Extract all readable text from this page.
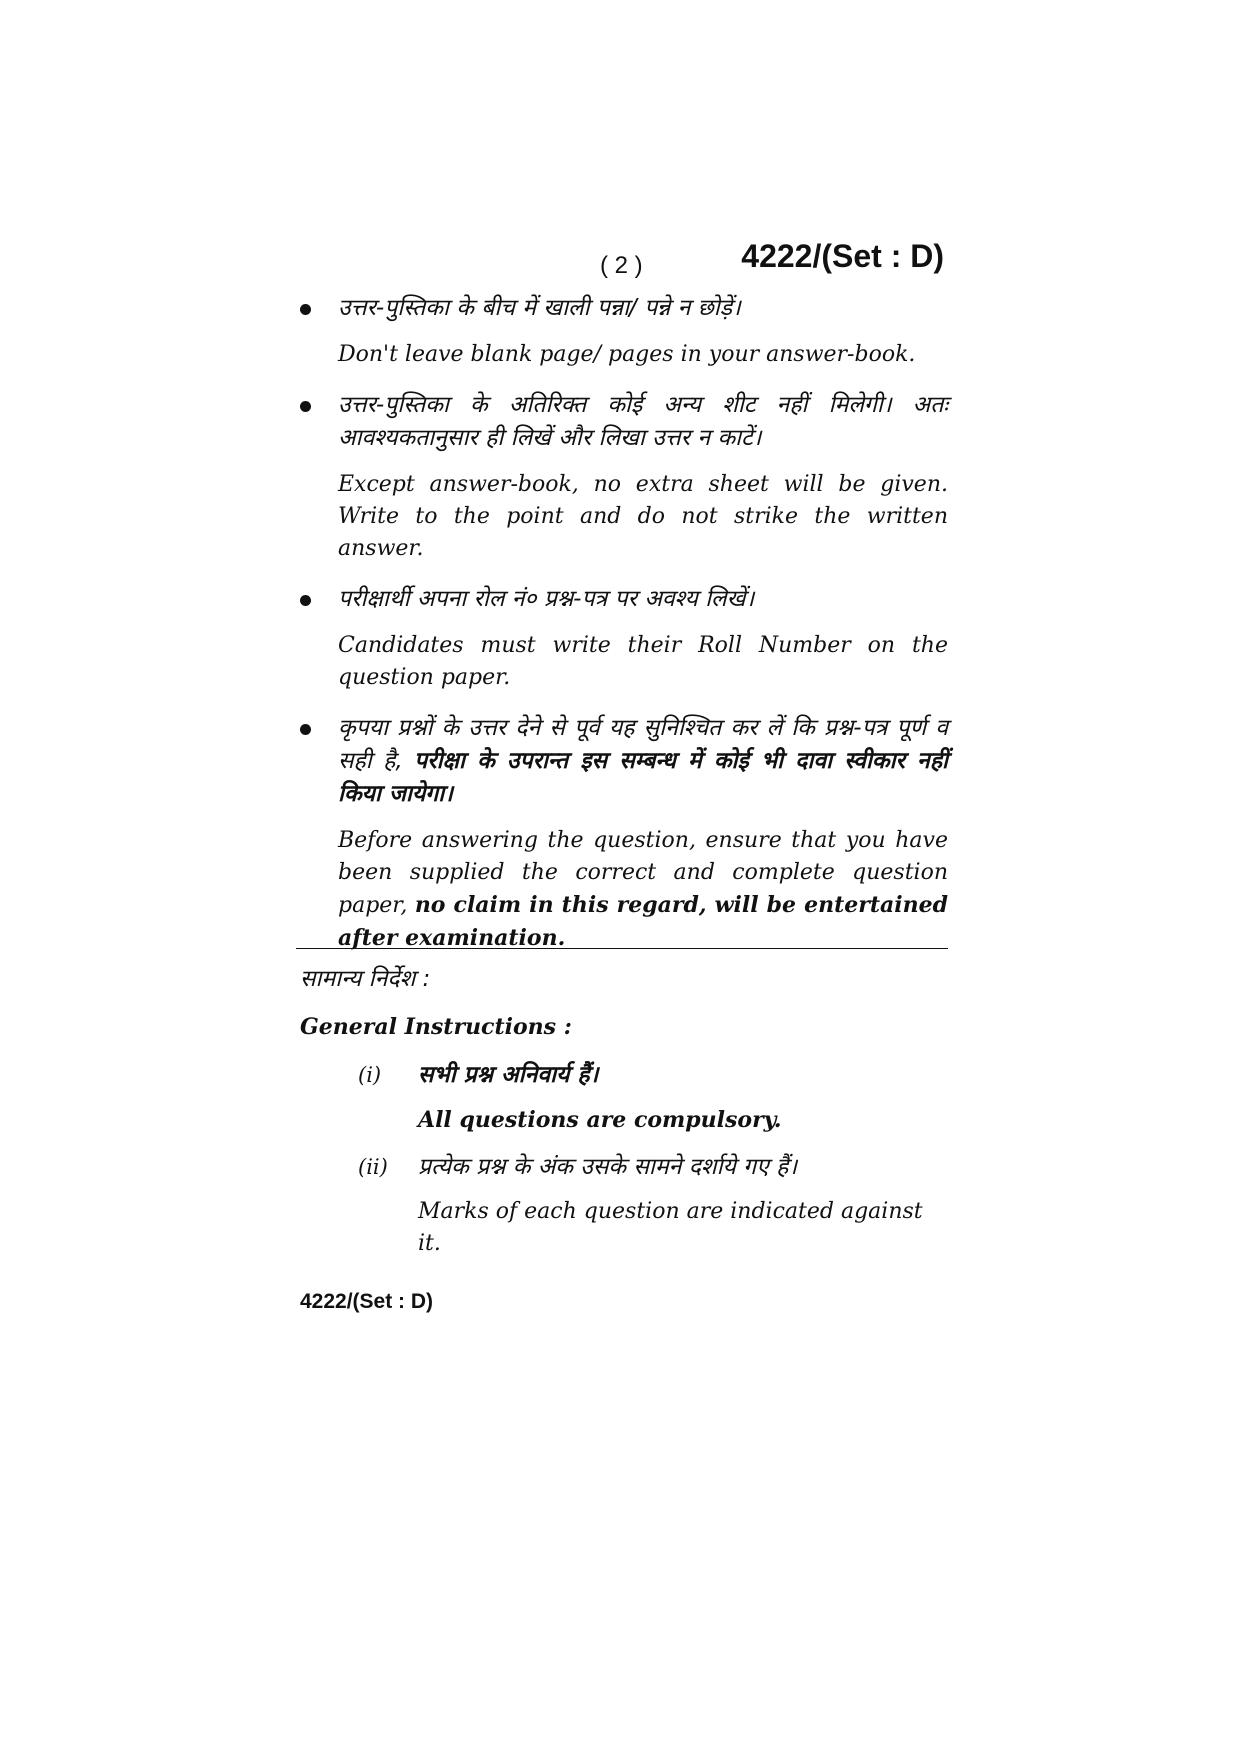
( 2 )	4222/(Set : D)

उत्तर-पुस्तिका के बीच में खाली पन्ना/ पन्ने न छोड़ें।

Don't leave blank page/ pages in your answer-book.

उत्तर-पुस्तिका के अतिरिक्त कोई अन्य शीट नहीं मिलेगी। अतः आवश्यकतानुसार ही लिखें और लिखा उत्तर न काटें।

Except answer-book, no extra sheet will be given. Write to the point and do not strike the written answer.

परीक्षार्थी अपना रोल नं० प्रश्न-पत्र पर अवश्य लिखें।

Candidates must write their Roll Number on the question paper.

कृपया प्रश्नों के उत्तर देने से पूर्व यह सुनिश्चित कर लें कि प्रश्न-पत्र पूर्ण व सही है, परीक्षा के उपरान्त इस सम्बन्ध में कोई भी दावा स्वीकार नहीं किया जायेगा।

Before answering the question, ensure that you have been supplied the correct and complete question paper, no claim in this regard, will be entertained after examination.

सामान्य निर्देश :

General Instructions :

(i) सभी प्रश्न अनिवार्य हैं।

All questions are compulsory.

(ii) प्रत्येक प्रश्न के अंक उसके सामने दर्शाये गए हैं।

Marks of each question are indicated against it.

4222/(Set : D)
